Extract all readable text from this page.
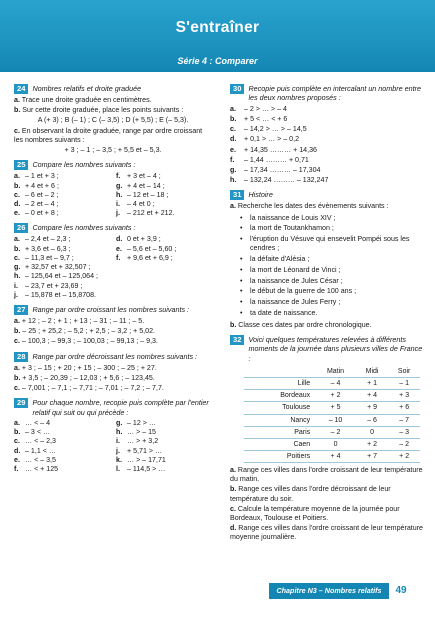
S'entraîner
Série 4 : Comparer
24 Nombres relatifs et droite graduée
a. Trace une droite graduée en centimètres.
b. Sur cette droite graduée, place les points suivants :
A (+ 3) ; B (– 1) ; C (– 3,5) ; D (+ 5,5) ; E (– 5,3).
c. En observant la droite graduée, range par ordre croissant les nombres suivants :
+ 3 ; – 1 ; – 3,5 ; + 5,5 et – 5,3.
25 Compare les nombres suivants :
a. – 1 et + 3 ;	f. + 3 et – 4 ;
b. + 4 et + 6 ;	g. + 4 et – 14 ;
c. – 6 et – 2 ;	h. – 12 et – 18 ;
d. – 2 et – 4 ;	i. – 4 et 0 ;
e. – 0 et + 8 ;	j. – 212 et + 212.
26 Compare les nombres suivants :
a. – 2,4 et – 2,3 ;	d. 0 et + 3,9 ;
b. + 3,6 et – 6,3 ;	e. – 5,6 et – 5,60 ;
c. – 11,3 et – 9,7 ;	f. + 9,6 et + 6,9 ;
g. + 32,57 et + 32,507 ;
h. – 125,64 et – 125,064 ;
i. – 23,7 et + 23,69 ;
j. – 15,878 et – 15,8708.
27 Range par ordre croissant les nombres suivants :
a. + 12 ; – 2 ; + 1 ; + 13 ; – 31 ; – 11 ; – 5.
b. – 25 ; + 25,2 ; – 5,2 ; + 2,5 ; – 3,2 ; + 5,02.
c. – 100,3 ; – 99,3 ; – 100,03 ; – 99,13 ; – 9,3.
28 Range par ordre décroissant les nombres suivants :
a. + 3 ; – 15 ; + 20 ; + 15 ; – 300 ; – 25 ; + 27.
b. + 3,5 ; – 20,39 ; – 12,03 ; + 5,6 ; – 123,45.
c. – 7,001 ; – 7,1 ; – 7,71 ; – 7,01 ; – 7,2 ; – 7,7.
29 Pour chaque nombre, recopie puis complète par l'entier relatif qui suit ou qui précède :
a. … < – 4	g. – 12 > …
b. – 3 < …	h. … > – 15
c. … < – 2,3	i. … > + 3,2
d. – 1,1 < …	j. + 5,71 > …
e. … < – 3,5	k. … > – 17,71
f. … < + 125	l. – 114,5 > …
30 Recopie puis complète en intercalant un nombre entre les deux nombres proposés :
a.	– 2 > … > – 4
b.	+ 5 < … < + 6
c.	– 14,2 > … > – 14,5
d.	+ 0,1 > … > – 0,2
e.	+ 14,35 ……… + 14,36
f.	– 1,44 ……… + 0,71
g.	– 17,34 ……… – 17,304
h.	– 132,24 ……… – 132,247
31 Histoire
a. Recherche les dates des évènements suivants :
• la naissance de Louis XIV ;
• la mort de Toutankhamon ;
• l'éruption du Vésuve qui ensevelit Pompéi sous les cendres ;
• la défaite d'Alésia ;
• la mort de Léonard de Vinci ;
• la naissance de Jules César ;
• le début de la guerre de 100 ans ;
• la naissance de Jules Ferry ;
• ta date de naissance.
b. Classe ces dates par ordre chronologique.
32 Voici quelques températures relevées à différents moments de la journée dans plusieurs villes de France :
	Matin	Midi	Soir
Lille	– 4	+ 1	– 1
Bordeaux	+ 2	+ 4	+ 3
Toulouse	+ 5	+ 9	+ 6
Nancy	– 10	– 6	– 7
Paris	– 2	0	– 3
Caen	0	+ 2	– 2
Poitiers	+ 4	+ 7	+ 2
a. Range ces villes dans l'ordre croissant de leur température du matin.
b. Range ces villes dans l'ordre décroissant de leur température du soir.
c. Calcule la température moyenne de la journée pour Bordeaux, Toulouse et Poitiers.
d. Range ces villes dans l'ordre croissant de leur température moyenne journalière.
Chapitre N3 – Nombres relatifs	49
